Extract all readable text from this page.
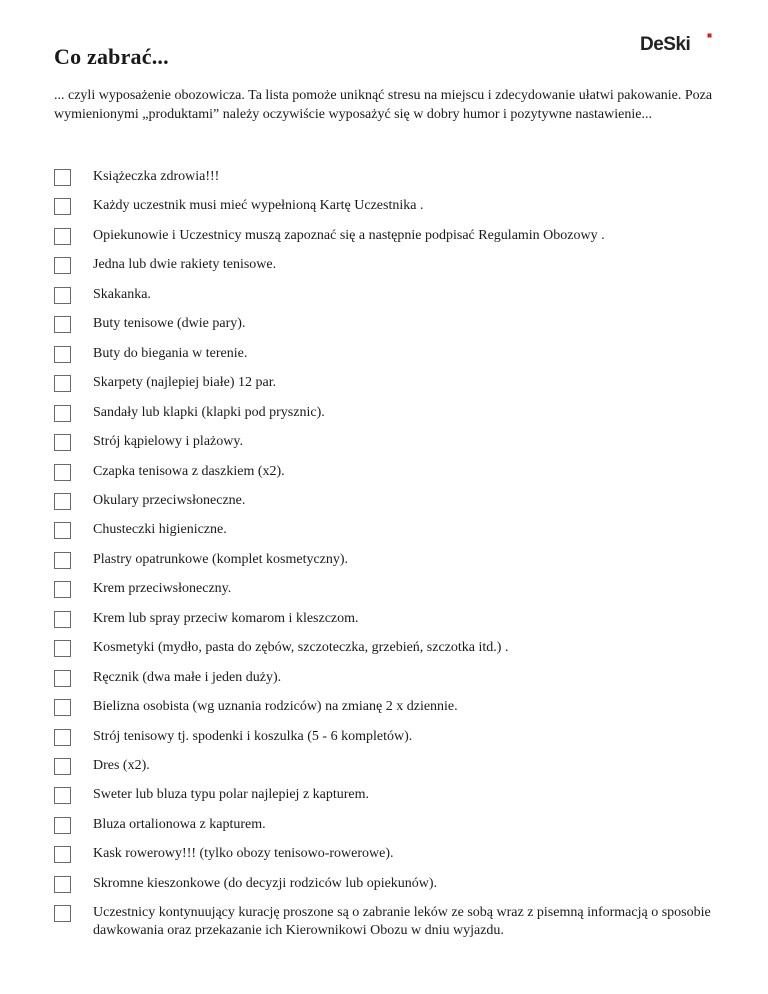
Co zabrać...	DeSki

... czyli wyposażenie obozowicza. Ta lista pomoże uniknąć stresu na miejscu i zdecydowanie ułatwi pakowanie. Poza wymienionymi „produktami” należy oczywiście wyposażyć się w dobry humor i pozytywne nastawienie...

Książeczka zdrowia!!!
Każdy uczestnik musi mieć wypełnioną Kartę Uczestnika .
Opiekunowie i Uczestnicy muszą zapoznać się a następnie podpisać Regulamin Obozowy .
Jedna lub dwie rakiety tenisowe.
Skakanka.
Buty tenisowe (dwie pary).
Buty do biegania w terenie.
Skarpety (najlepiej białe) 12 par.
Sandały lub klapki (klapki pod prysznic).
Strój kąpielowy i plażowy.
Czapka tenisowa z daszkiem (x2).
Okulary przeciwsłoneczne.
Chusteczki higieniczne.
Plastry opatrunkowe (komplet kosmetyczny).
Krem przeciwsłoneczny.
Krem lub spray przeciw komarom i kleszczom.
Kosmetyki (mydło, pasta do zębów, szczoteczka, grzebień, szczotka itd.) .
Ręcznik (dwa małe i jeden duży).
Bielizna osobista (wg uznania rodziców) na zmianę 2 x dziennie.
Strój tenisowy tj. spodenki i koszulka (5 - 6 kompletów).
Dres (x2).
Sweter lub bluza typu polar najlepiej z kapturem.
Bluza ortalionowa z kapturem.
Kask rowerowy!!! (tylko obozy tenisowo-rowerowe).
Skromne kieszonkowe (do decyzji rodziców lub opiekunów).
Uczestnicy kontynuujący kurację proszone są o zabranie leków ze sobą wraz z pisemną informacją o sposobie dawkowania oraz przekazanie ich Kierownikowi Obozu w dniu wyjazdu.
